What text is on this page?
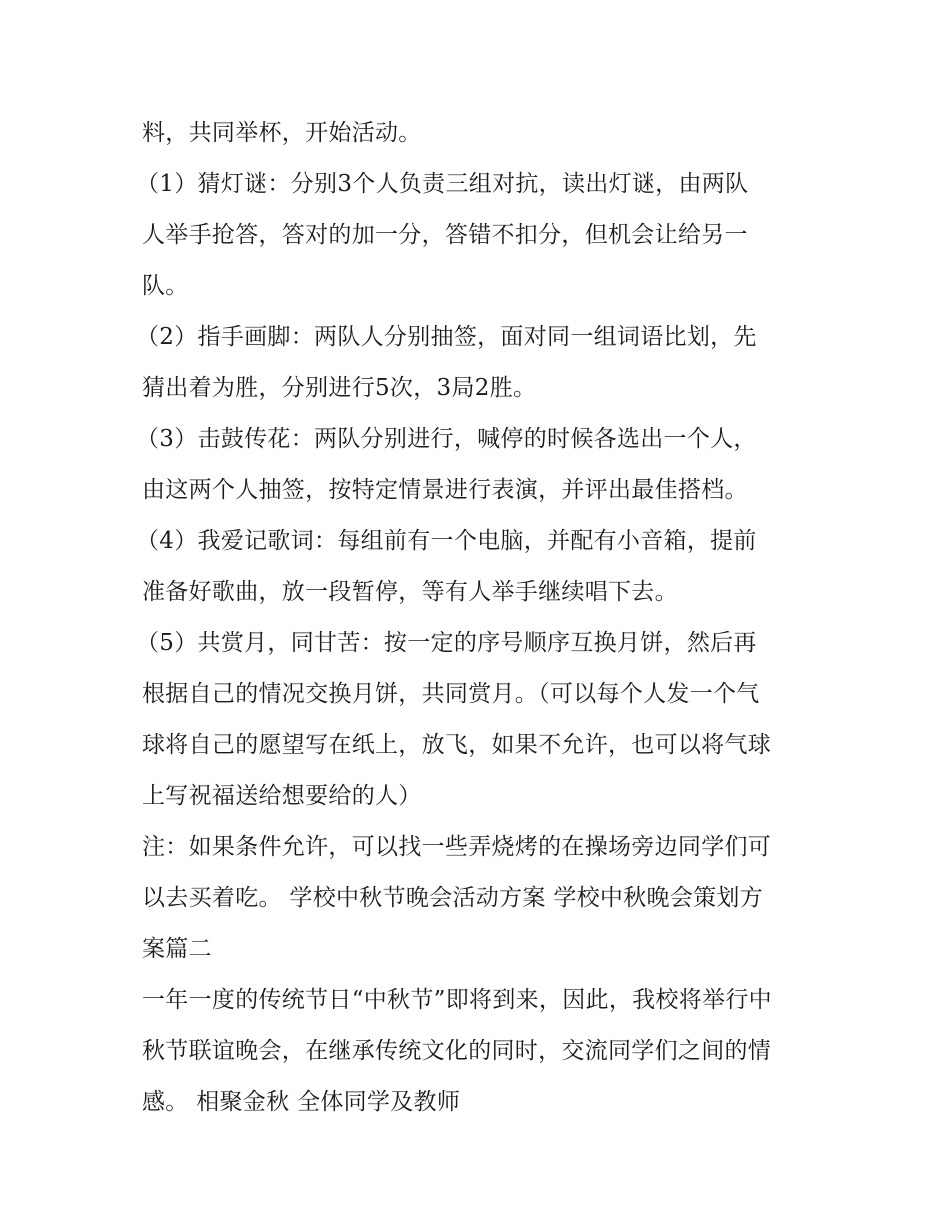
料，共同举杯，开始活动。

（1）猜灯谜：分别3个人负责三组对抗，读出灯谜，由两队

人举手抢答，答对的加一分，答错不扣分，但机会让给另一

队。

（2）指手画脚：两队人分别抽签，面对同一组词语比划，先

猜出着为胜，分别进行5次，3局2胜。

（3）击鼓传花：两队分别进行，喊停的时候各选出一个人，

由这两个人抽签，按特定情景进行表演，并评出最佳搭档。

（4）我爱记歌词：每组前有一个电脑，并配有小音箱，提前

准备好歌曲，放一段暂停，等有人举手继续唱下去。

（5）共赏月，同甘苦：按一定的序号顺序互换月饼，然后再

根据自己的情况交换月饼，共同赏月。（可以每个人发一个气

球将自己的愿望写在纸上，放飞，如果不允许，也可以将气球

上写祝福送给想要给的人）

注：如果条件允许，可以找一些弄烧烤的在操场旁边同学们可

以去买着吃。 学校中秋节晚会活动方案 学校中秋晚会策划方

案篇二

一年一度的传统节日“中秋节”即将到来，因此，我校将举行中

秋节联谊晚会，在继承传统文化的同时，交流同学们之间的情

感。 相聚金秋 全体同学及教师
